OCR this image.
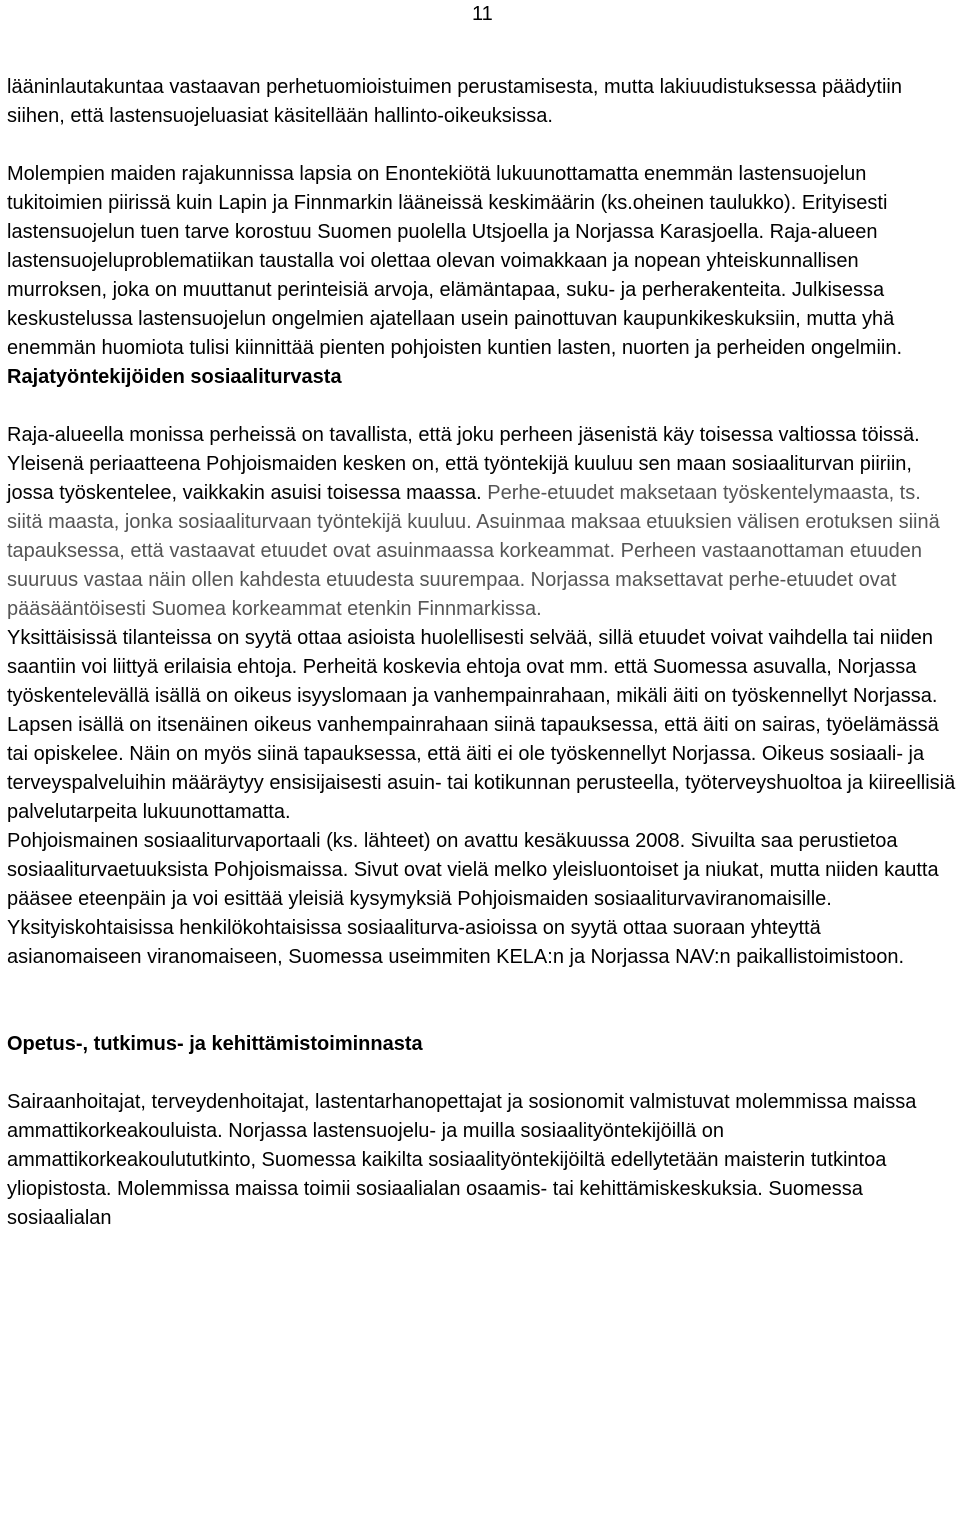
11

lääninlautakuntaa vastaavan perhetuomioistuimen perustamisesta, mutta lakiuudistuksessa päädytiin siihen, että lastensuojeluasiat käsitellään hallinto-oikeuksissa.

Molempien maiden rajakunnissa lapsia on Enontekiötä lukuunottamatta enemmän lastensuojelun tukitoimien piirissä kuin Lapin ja Finnmarkin lääneissä keskimäärin (ks.oheinen taulukko). Erityisesti lastensuojelun tuen tarve korostuu Suomen puolella Utsjoella ja Norjassa Karasjoella. Raja-alueen lastensuojeluproblematiikan taustalla voi olettaa olevan voimakkaan ja nopean yhteiskunnallisen murroksen, joka on muuttanut perinteisiä arvoja, elämäntapaa, suku- ja perherakenteita. Julkisessa keskustelussa lastensuojelun ongelmien ajatellaan usein painottuvan kaupunkikeskuksiin, mutta yhä enemmän huomiota tulisi kiinnittää pienten pohjoisten kuntien lasten, nuorten ja perheiden ongelmiin.

Rajatyöntekijöiden sosiaaliturvasta

Raja-alueella monissa perheissä on tavallista, että joku perheen jäsenistä käy toisessa valtiossa töissä. Yleisenä periaatteena Pohjoismaiden kesken on, että työntekijä kuuluu sen maan sosiaaliturvan piiriin, jossa työskentelee, vaikkakin asuisi toisessa maassa. Perhe-etuudet maksetaan työskentelymaasta, ts. siitä maasta, jonka sosiaaliturvaan työntekijä kuuluu. Asuinmaa maksaa etuuksien välisen erotuksen siinä tapauksessa, että vastaavat etuudet ovat asuinmaassa korkeammat. Perheen vastaanottaman etuuden suuruus vastaa näin ollen kahdesta etuudesta suurempaa. Norjassa maksettavat perhe-etuudet ovat pääsääntöisesti Suomea korkeammat etenkin Finnmarkissa.

Yksittäisissä tilanteissa on syytä ottaa asioista huolellisesti selvää, sillä etuudet voivat vaihdella tai niiden saantiin voi liittyä erilaisia ehtoja. Perheitä koskevia ehtoja ovat mm. että Suomessa asuvalla, Norjassa työskentelevällä isällä on oikeus isyyslomaan ja vanhempainrahaan, mikäli äiti on työskennellyt Norjassa. Lapsen isällä on itsenäinen oikeus vanhempainrahaan siinä tapauksessa, että äiti on sairas, työelämässä tai opiskelee. Näin on myös siinä tapauksessa, että äiti ei ole työskennellyt Norjassa. Oikeus sosiaali- ja terveyspalveluihin määräytyy ensisijaisesti asuin- tai kotikunnan perusteella, työterveyshuoltoa ja kiireellisiä palvelutarpeita lukuunottamatta.

Pohjoismainen sosiaaliturvaportaali (ks. lähteet) on avattu kesäkuussa 2008. Sivuilta saa perustietoa sosiaaliturvaetuuksista Pohjoismaissa. Sivut ovat vielä melko yleisluontoiset ja niukat, mutta niiden kautta pääsee eteenpäin ja voi esittää yleisiä kysymyksiä Pohjoismaiden sosiaaliturvaviranomaisille. Yksityiskohtaisissa henkilökohtaisissa sosiaaliturva-asioissa on syytä ottaa suoraan yhteyttä asianomaiseen viranomaiseen, Suomessa useimmiten KELA:n ja Norjassa NAV:n paikallistoimistoon.

Opetus-, tutkimus- ja kehittämistoiminnasta

Sairaanhoitajat, terveydenhoitajat, lastentarhanopettajat ja sosionomit valmistuvat molemmissa maissa ammattikorkeakouluista. Norjassa lastensuojelu- ja muilla sosiaalityöntekijöillä on ammattikorkeakoulututkinto, Suomessa kaikilta sosiaalityöntekijöiltä edellytetään maisterin tutkintoa yliopistosta. Molemmissa maissa toimii sosiaalialan osaamis- tai kehittämiskeskuksia. Suomessa sosiaalialan
